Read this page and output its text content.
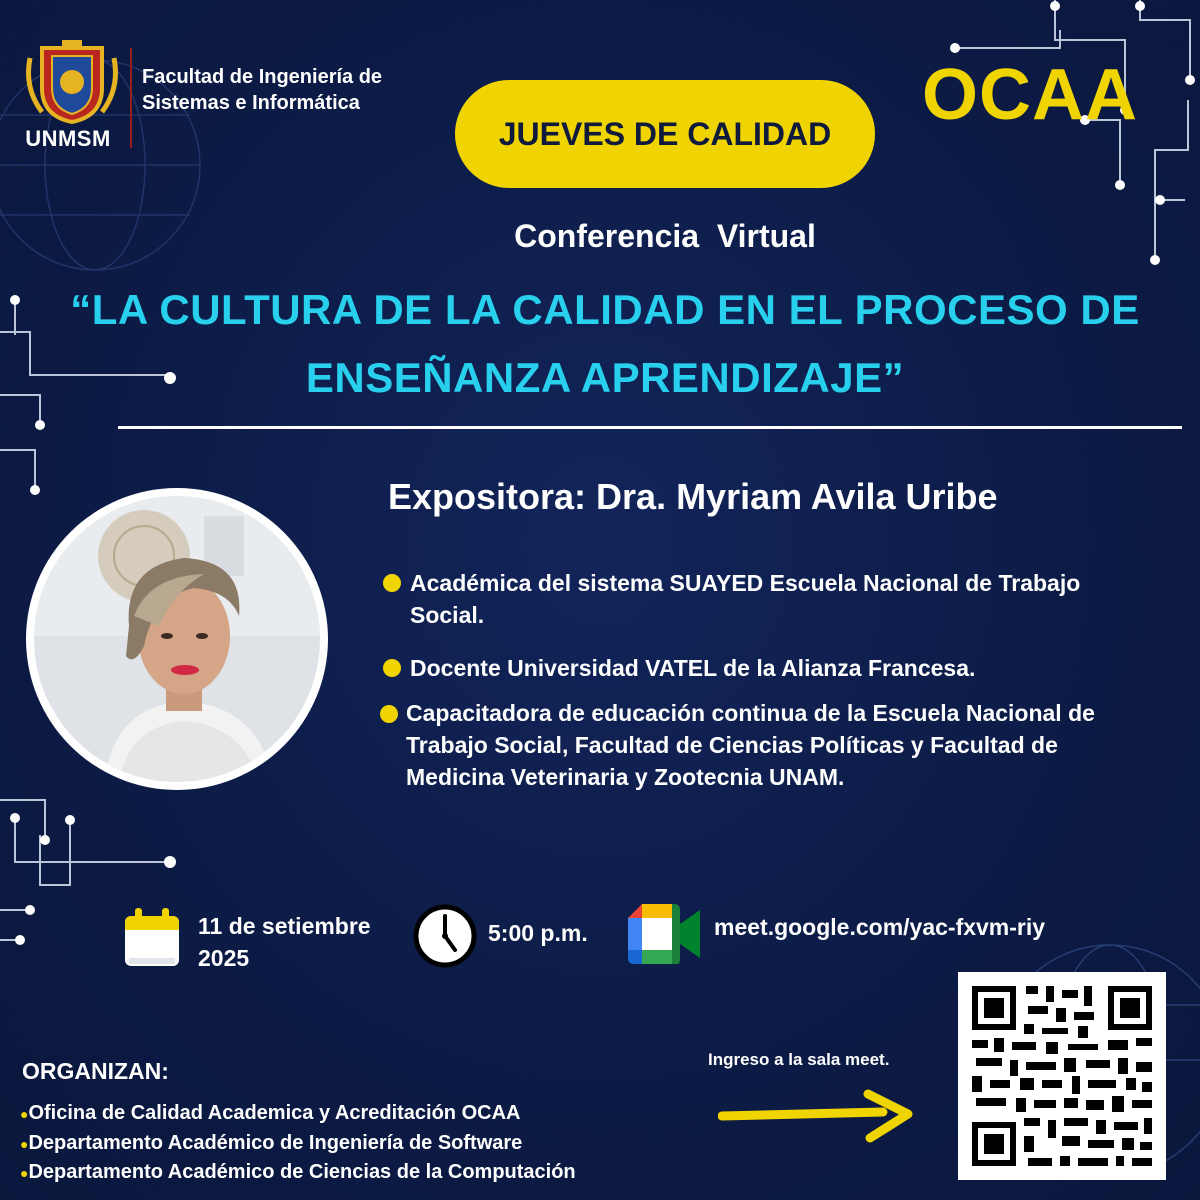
UNMSM
Facultad de Ingeniería de
Sistemas e Informática
JUEVES DE CALIDAD OCAA
Conferencia  Virtual
“LA CULTURA DE LA CALIDAD EN EL PROCESO DE
ENSEÑANZA APRENDIZAJE”
Expositora: Dra. Myriam Avila Uribe
Académica del sistema SUAYED Escuela Nacional de Trabajo
Social.
Docente Universidad VATEL de la Alianza Francesa.
Capacitadora de educación continua de la Escuela Nacional de
Trabajo Social, Facultad de Ciencias Políticas y Facultad de
Medicina Veterinaria y Zootecnia UNAM.
11 de setiembre
2025
5:00 p.m.	meet.google.com/yac-fxvm-riy
ORGANIZAN:
●Oficina de Calidad Academica y Acreditación OCAA
●Departamento Académico de Ingeniería de Software
●Departamento Académico de Ciencias de la Computación
Ingreso a la sala meet.
